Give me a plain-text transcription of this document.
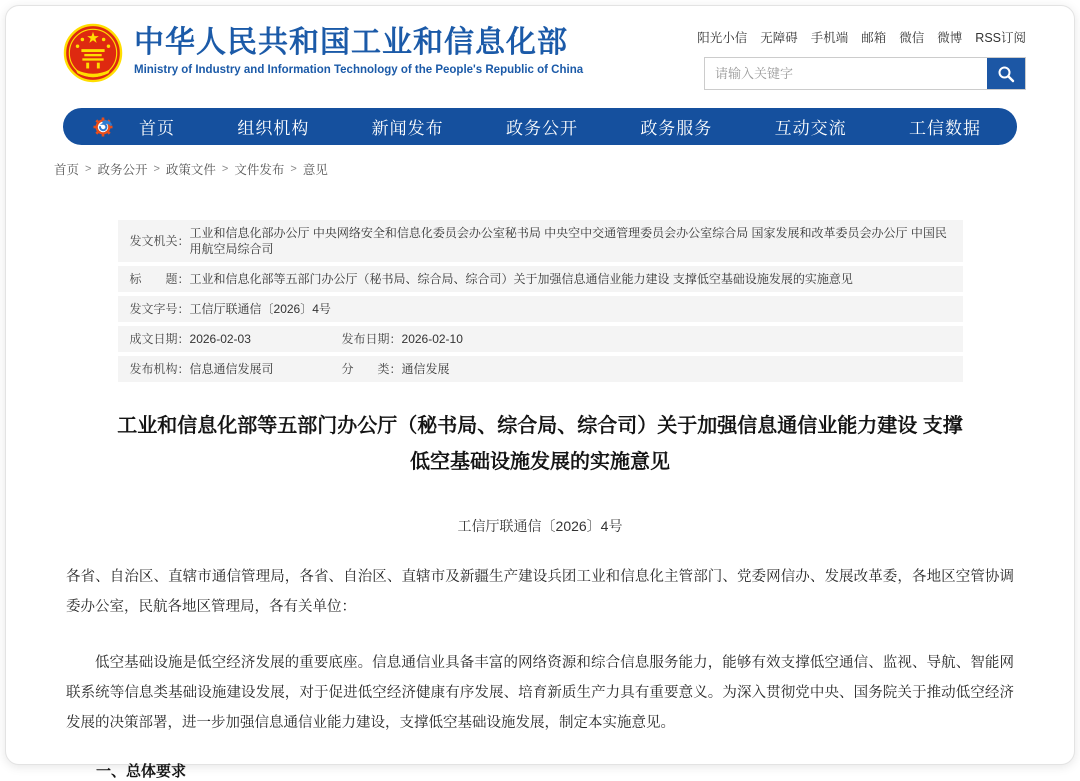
中华人民共和国工业和信息化部
Ministry of Industry and Information Technology of the People's Republic of China
阳光小信 无障碍 手机端 邮箱 微信 微博 RSS订阅
请输入关键字
首页	组织机构	新闻发布	政务公开	政务服务	互动交流	工信数据
首页 > 政务公开 > 政策文件 > 文件发布 > 意见
发文机关：
工业和信息化部办公厅 中央网络安全和信息化委员会办公室秘书局 中央空中交通管理委员会办公室综合局 国家发展和改革委员会办公厅 中国民用航空局综合司
标　　题： 工业和信息化部等五部门办公厅（秘书局、综合局、综合司）关于加强信息通信业能力建设 支撑低空基础设施发展的实施意见
发文字号： 工信厅联通信〔2026〕4号
成文日期： 2026-02-03	发布日期： 2026-02-10
发布机构： 信息通信发展司	分　　类： 通信发展
工业和信息化部等五部门办公厅（秘书局、综合局、综合司）关于加强信息通信业能力建设 支撑低空基础设施发展的实施意见
工信厅联通信〔2026〕4号

各省、自治区、直辖市通信管理局，各省、自治区、直辖市及新疆生产建设兵团工业和信息化主管部门、党委网信办、发展改革委，各地区空管协调委办公室，民航各地区管理局，各有关单位：

低空基础设施是低空经济发展的重要底座。信息通信业具备丰富的网络资源和综合信息服务能力，能够有效支撑低空通信、监视、导航、智能网联系统等信息类基础设施建设发展，对于促进低空经济健康有序发展、培育新质生产力具有重要意义。为深入贯彻党中央、国务院关于推动低空经济发展的决策部署，进一步加强信息通信业能力建设，支撑低空基础设施发展，制定本实施意见。

一、总体要求
